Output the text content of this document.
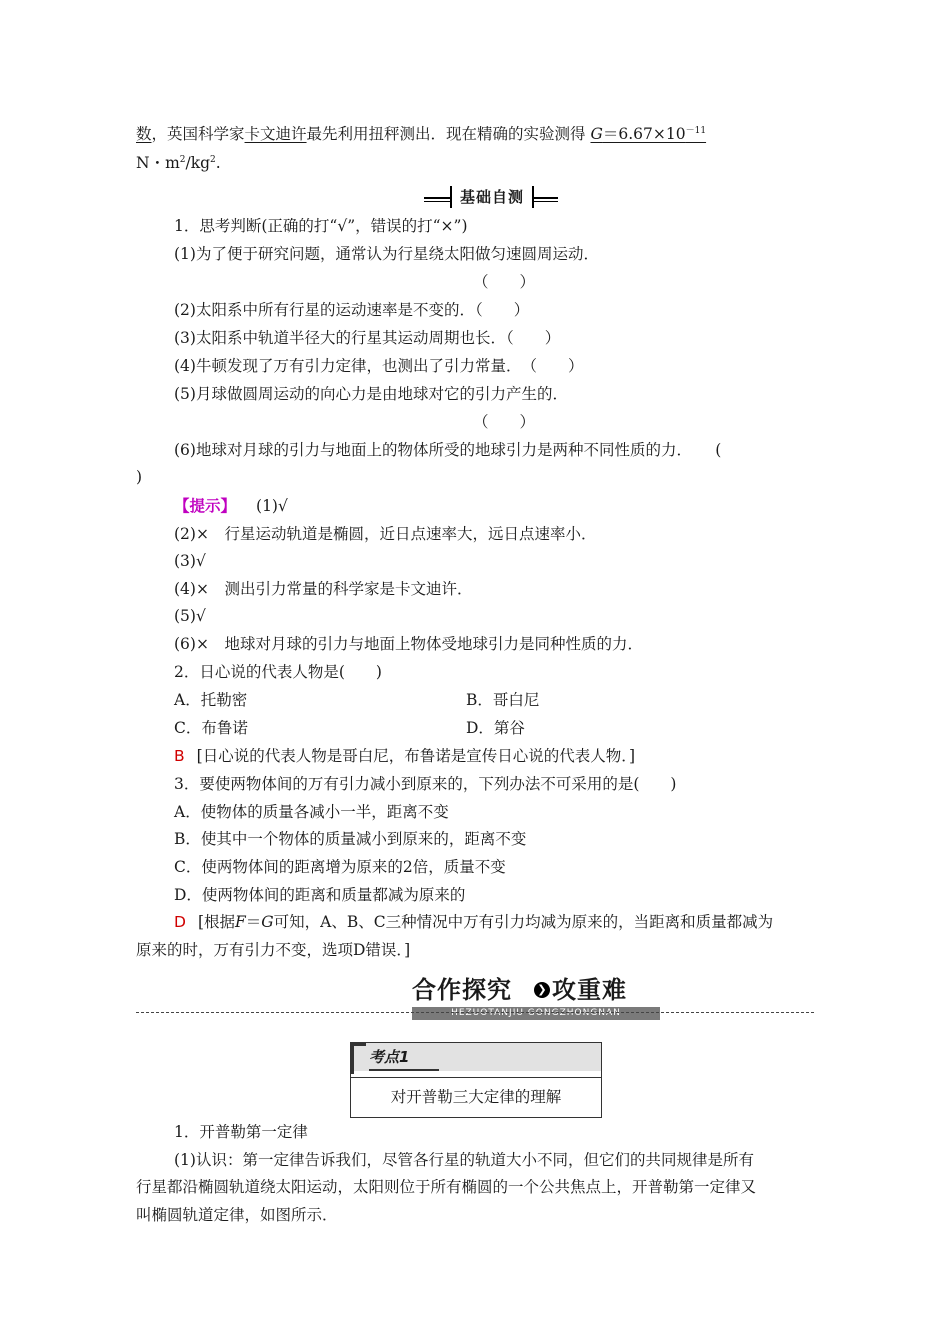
数，英国科学家卡文迪许最先利用扭秤测出．现在精确的实验测得 $G=6.67\times 10^{-11}$
N・$m^2/kg^2$.
基础自测
1．思考判断(正确的打“√”，错误的打“×”)
(1)为了便于研究问题，通常认为行星绕太阳做匀速圆周运动．
（　　）
(2)太阳系中所有行星的运动速率是不变的．（　　）
(3)太阳系中轨道半径大的行星其运动周期也长．（　　）
(4)牛顿发现了万有引力定律，也测出了引力常量．　（　　）
(5)月球做圆周运动的向心力是由地球对它的引力产生的．
（　　）
(6)地球对月球的引力与地面上的物体所受的地球引力是两种不同性质的力．　　(
)
【提示】 (1)√
(2)×　行星运动轨道是椭圆，近日点速率大，远日点速率小．
(3)√
(4)×　测出引力常量的科学家是卡文迪许．
(5)√
(6)×　地球对月球的引力与地面上物体受地球引力是同种性质的力．
2．日心说的代表人物是(　　)
A．托勒密	B．哥白尼
C．布鲁诺	D．第谷
B [日心说的代表人物是哥白尼，布鲁诺是宣传日心说的代表人物．]
3．要使两物体间的万有引力减小到原来的，下列办法不可采用的是(　　)
A．使物体的质量各减小一半，距离不变
B．使其中一个物体的质量减小到原来的，距离不变
C．使两物体间的距离增为原来的2倍，质量不变
D．使两物体间的距离和质量都减为原来的
D [根据F＝G可知，A、B、C三种情况中万有引力均减为原来的，当距离和质量都减为
原来的时，万有引力不变，选项D错误．]
合作探究	❯ 攻重难
HEZUOTANJIU GONGZHONGNAN
考点1
对开普勒三大定律的理解
1．开普勒第一定律
(1)认识：第一定律告诉我们，尽管各行星的轨道大小不同，但它们的共同规律是所有
行星都沿椭圆轨道绕太阳运动，太阳则位于所有椭圆的一个公共焦点上，开普勒第一定律又
叫椭圆轨道定律，如图所示．
